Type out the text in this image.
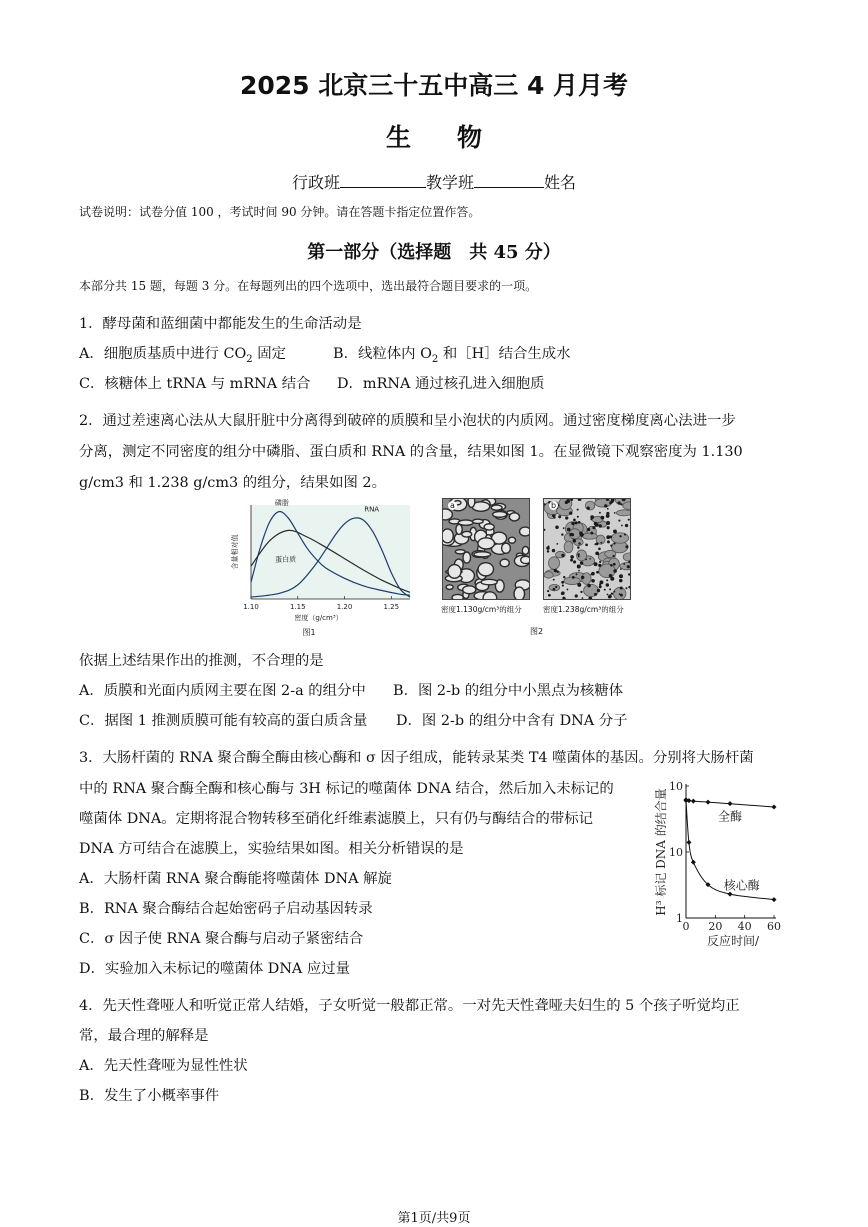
2025 北京三十五中高三 4 月月考
生物
行政班	教学班	姓名
试卷说明：试卷分值 100 ，考试时间 90 分钟。请在答题卡指定位置作答。
第一部分（选择题　共 45 分）
本部分共 15 题，每题 3 分。在每题列出的四个选项中，选出最符合题目要求的一项。
1．酵母菌和蓝细菌中都能发生的生命活动是
A．细胞质基质中进行 $CO_2$ 固定	B．线粒体内 $O_2$ 和［H］结合生成水
C．核糖体上 tRNA 与 mRNA 结合 D．mRNA 通过核孔进入细胞质
2．通过差速离心法从大鼠肝脏中分离得到破碎的质膜和呈小泡状的内质网。通过密度梯度离心法进一步
分离，测定不同密度的组分中磷脂、蛋白质和 RNA 的含量，结果如图 1。在显微镜下观察密度为 1.130
g/cm3 和 1.238 g/cm3 的组分，结果如图 2。
1.10	1.15	1.20	1.25
磷脂
蛋白质
RNA
含量相对值
密度（g/cm³）
图1
a	b
密度1.130g/cm³的组分	密度1.238g/cm³的组分
图2
依据上述结果作出的推测，不合理的是
A．质膜和光面内质网主要在图 2-a 的组分中 B．图 2-b 的组分中小黑点为核糖体
C．据图 1 推测质膜可能有较高的蛋白质含量 D．图 2-b 的组分中含有 DNA 分子
3．大肠杆菌的 RNA 聚合酶全酶由核心酶和 σ 因子组成，能转录某类 T4 噬菌体的基因。分别将大肠杆菌
中的 RNA 聚合酶全酶和核心酶与 3H 标记的噬菌体 DNA 结合，然后加入未标记的
噬菌体 DNA。定期将混合物转移至硝化纤维素滤膜上，只有仍与酶结合的带标记
DNA 方可结合在滤膜上，实验结果如图。相关分析错误的是
A．大肠杆菌 RNA 聚合酶能将噬菌体 DNA 解旋
B．RNA 聚合酶结合起始密码子启动基因转录
C．σ 因子使 RNA 聚合酶与启动子紧密结合
D．实验加入未标记的噬菌体 DNA 应过量
1
10
10
0 20 40 60
全酶
核心酶
H³ 标记 DNA 的结合量
反应时间/
4．先天性聋哑人和听觉正常人结婚，子女听觉一般都正常。一对先天性聋哑夫妇生的 5 个孩子听觉均正
常，最合理的解释是
A．先天性聋哑为显性性状
B．发生了小概率事件
第1页/共9页
